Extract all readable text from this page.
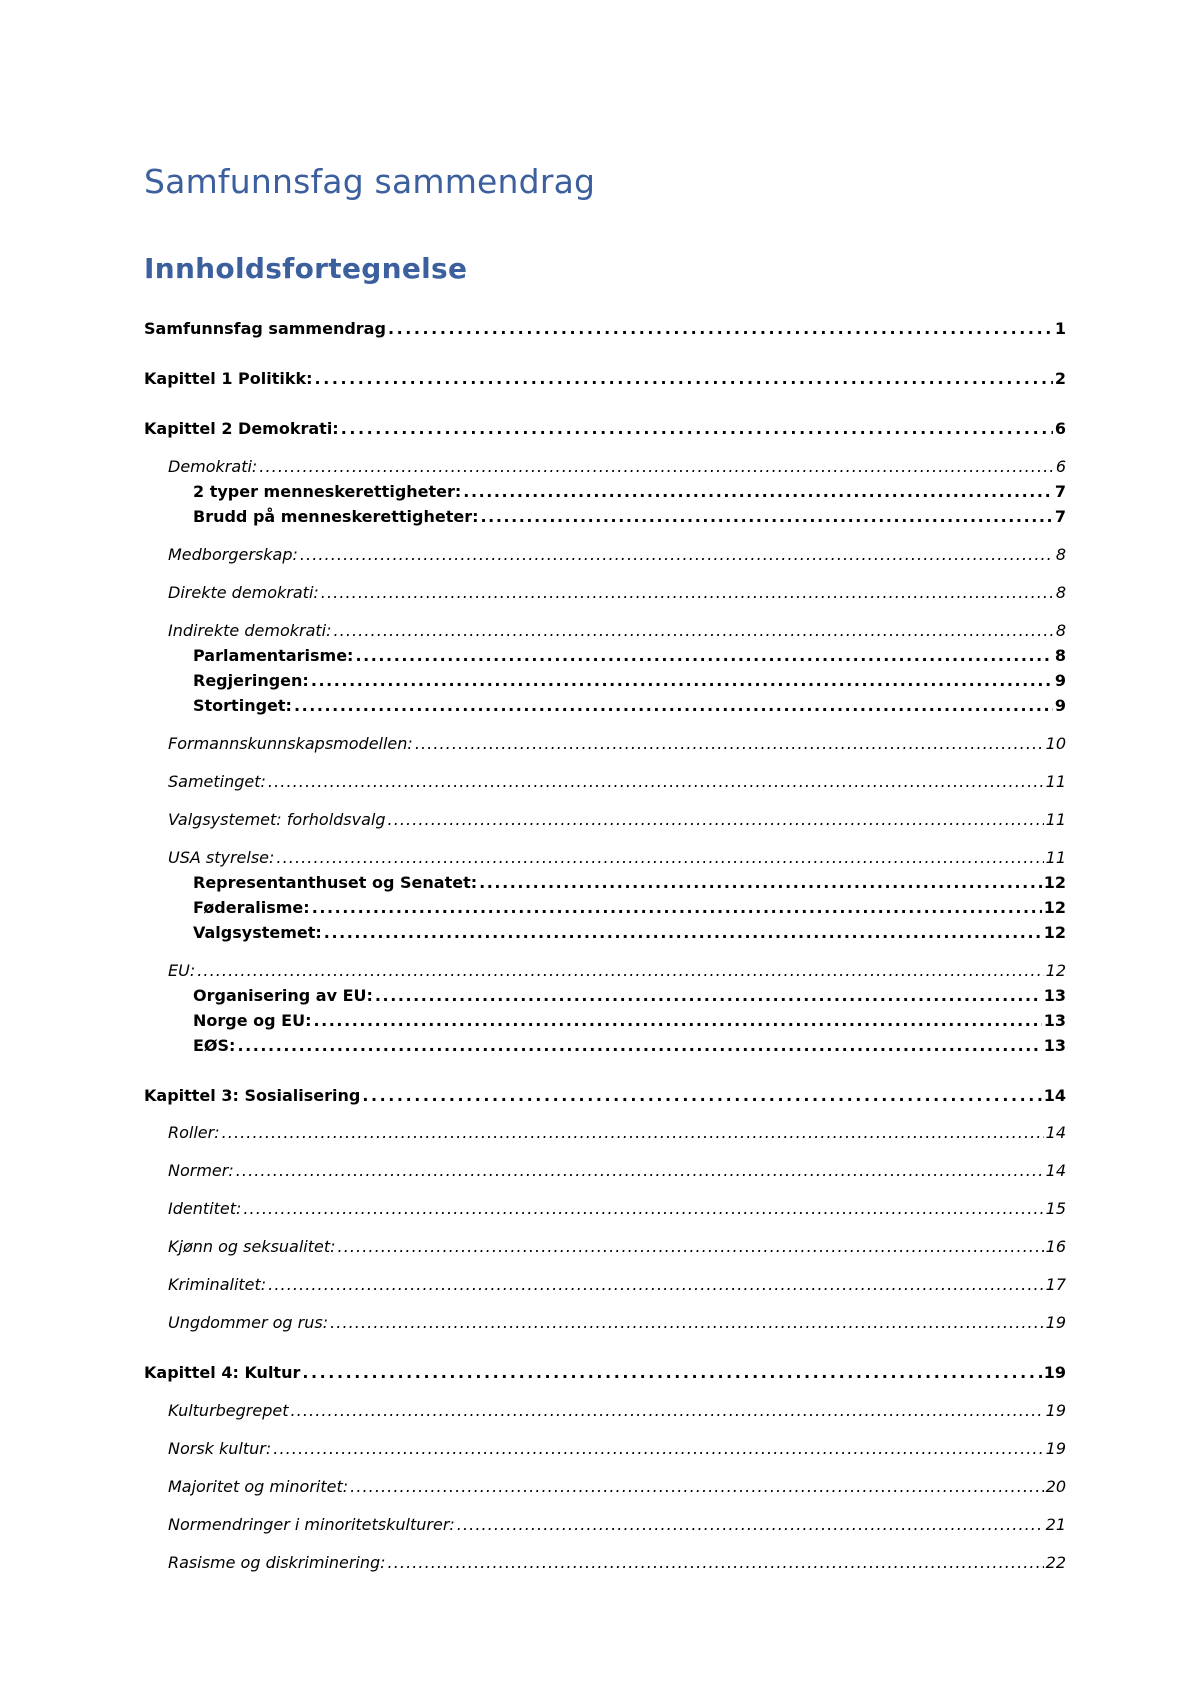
Samfunnsfag sammendrag
Innholdsfortegnelse
Samfunnsfag sammendrag . . .	1
Kapittel 1 Politikk: . . .	2
Kapittel 2 Demokrati: . . .	6
Demokrati: . . .	6
2 typer menneskerettigheter: . . .	7
Brudd på menneskerettigheter: . . .	7
Medborgerskap: . . .	8
Direkte demokrati: . . .	8
Indirekte demokrati: . . .	8
Parlamentarisme: . . .	8
Regjeringen: . . .	9
Stortinget: . . .	9
Formannskunnskapsmodellen: . . .	10
Sametinget: . . .	11
Valgsystemet: forholdsvalg . . .	11
USA styrelse: . . .	11
Representanthuset og Senatet: . . .	12
Føderalisme: . . .	12
Valgsystemet: . . .	12
EU: . . .	12
Organisering av EU: . . .	13
Norge og EU: . . .	13
EØS: . . .	13
Kapittel 3: Sosialisering . . .	14
Roller: . . .	14
Normer: . . .	14
Identitet: . . .	15
Kjønn og seksualitet: . . .	16
Kriminalitet: . . .	17
Ungdommer og rus: . . .	19
Kapittel 4: Kultur . . .	19
Kulturbegrepet . . .	19
Norsk kultur: . . .	19
Majoritet og minoritet: . . .	20
Normendringer i minoritetskulturer: . . .	21
Rasisme og diskriminering: . . .	22
